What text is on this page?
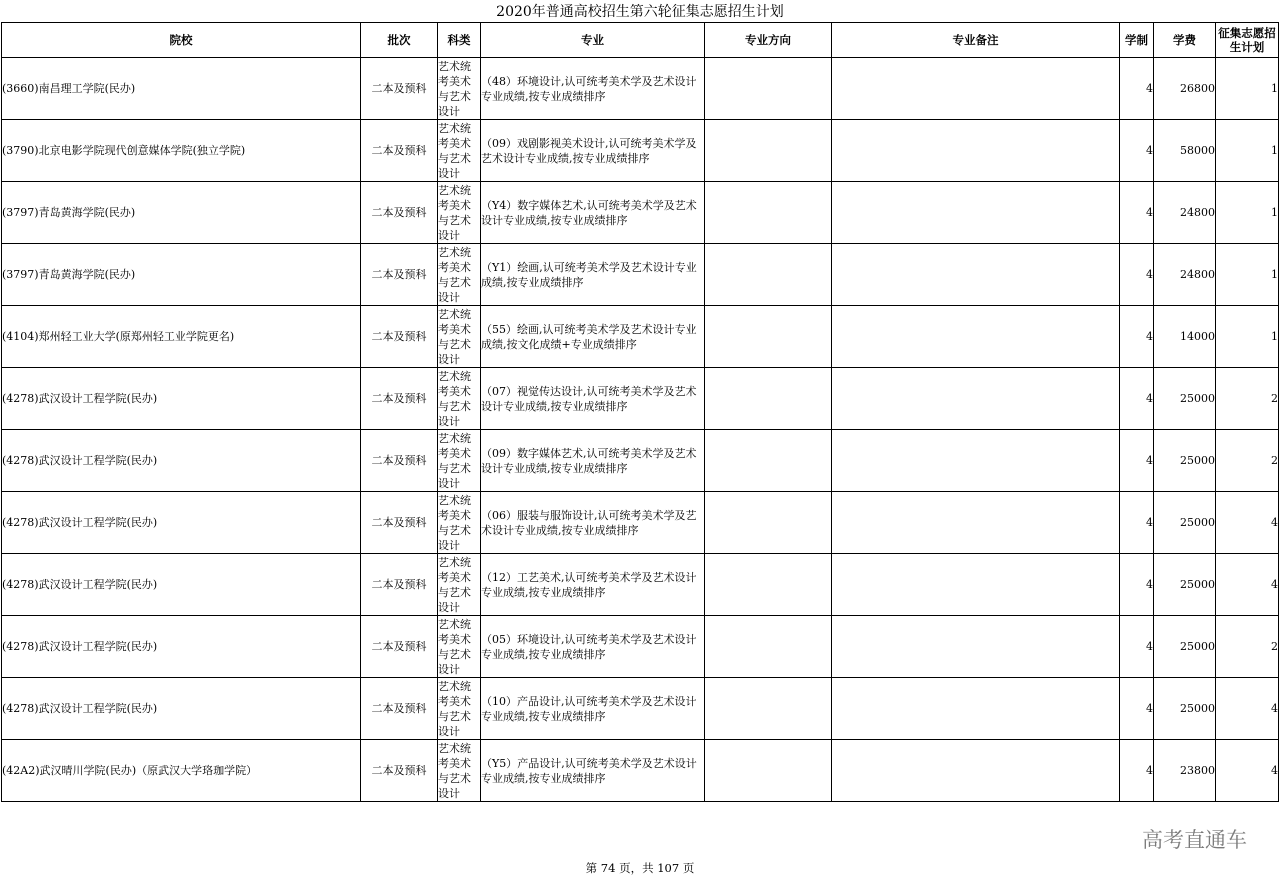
2020年普通高校招生第六轮征集志愿招生计划
院校	批次	科类	专业	专业方向	专业备注	学制	学费	征集志愿招生计划
(3660)南昌理工学院(民办)	二本及预科	艺术统考美术与艺术设计	（48）环境设计,认可统考美术学及艺术设计专业成绩,按专业成绩排序			4	26800	1
(3790)北京电影学院现代创意媒体学院(独立学院)	二本及预科	艺术统考美术与艺术设计	（09）戏剧影视美术设计,认可统考美术学及艺术设计专业成绩,按专业成绩排序			4	58000	1
(3797)青岛黄海学院(民办)	二本及预科	艺术统考美术与艺术设计	（Y4）数字媒体艺术,认可统考美术学及艺术设计专业成绩,按专业成绩排序			4	24800	1
(3797)青岛黄海学院(民办)	二本及预科	艺术统考美术与艺术设计	（Y1）绘画,认可统考美术学及艺术设计专业成绩,按专业成绩排序			4	24800	1
(4104)郑州轻工业大学(原郑州轻工业学院更名)	二本及预科	艺术统考美术与艺术设计	（55）绘画,认可统考美术学及艺术设计专业成绩,按文化成绩+专业成绩排序			4	14000	1
(4278)武汉设计工程学院(民办)	二本及预科	艺术统考美术与艺术设计	（07）视觉传达设计,认可统考美术学及艺术设计专业成绩,按专业成绩排序			4	25000	2
(4278)武汉设计工程学院(民办)	二本及预科	艺术统考美术与艺术设计	（09）数字媒体艺术,认可统考美术学及艺术设计专业成绩,按专业成绩排序			4	25000	2
(4278)武汉设计工程学院(民办)	二本及预科	艺术统考美术与艺术设计	（06）服装与服饰设计,认可统考美术学及艺术设计专业成绩,按专业成绩排序			4	25000	4
(4278)武汉设计工程学院(民办)	二本及预科	艺术统考美术与艺术设计	（12）工艺美术,认可统考美术学及艺术设计专业成绩,按专业成绩排序			4	25000	4
(4278)武汉设计工程学院(民办)	二本及预科	艺术统考美术与艺术设计	（05）环境设计,认可统考美术学及艺术设计专业成绩,按专业成绩排序			4	25000	2
(4278)武汉设计工程学院(民办)	二本及预科	艺术统考美术与艺术设计	（10）产品设计,认可统考美术学及艺术设计专业成绩,按专业成绩排序			4	25000	4
(42A2)武汉晴川学院(民办)（原武汉大学珞珈学院）	二本及预科	艺术统考美术与艺术设计	（Y5）产品设计,认可统考美术学及艺术设计专业成绩,按专业成绩排序			4	23800	4
高考直通车
第 74 页，共 107 页
